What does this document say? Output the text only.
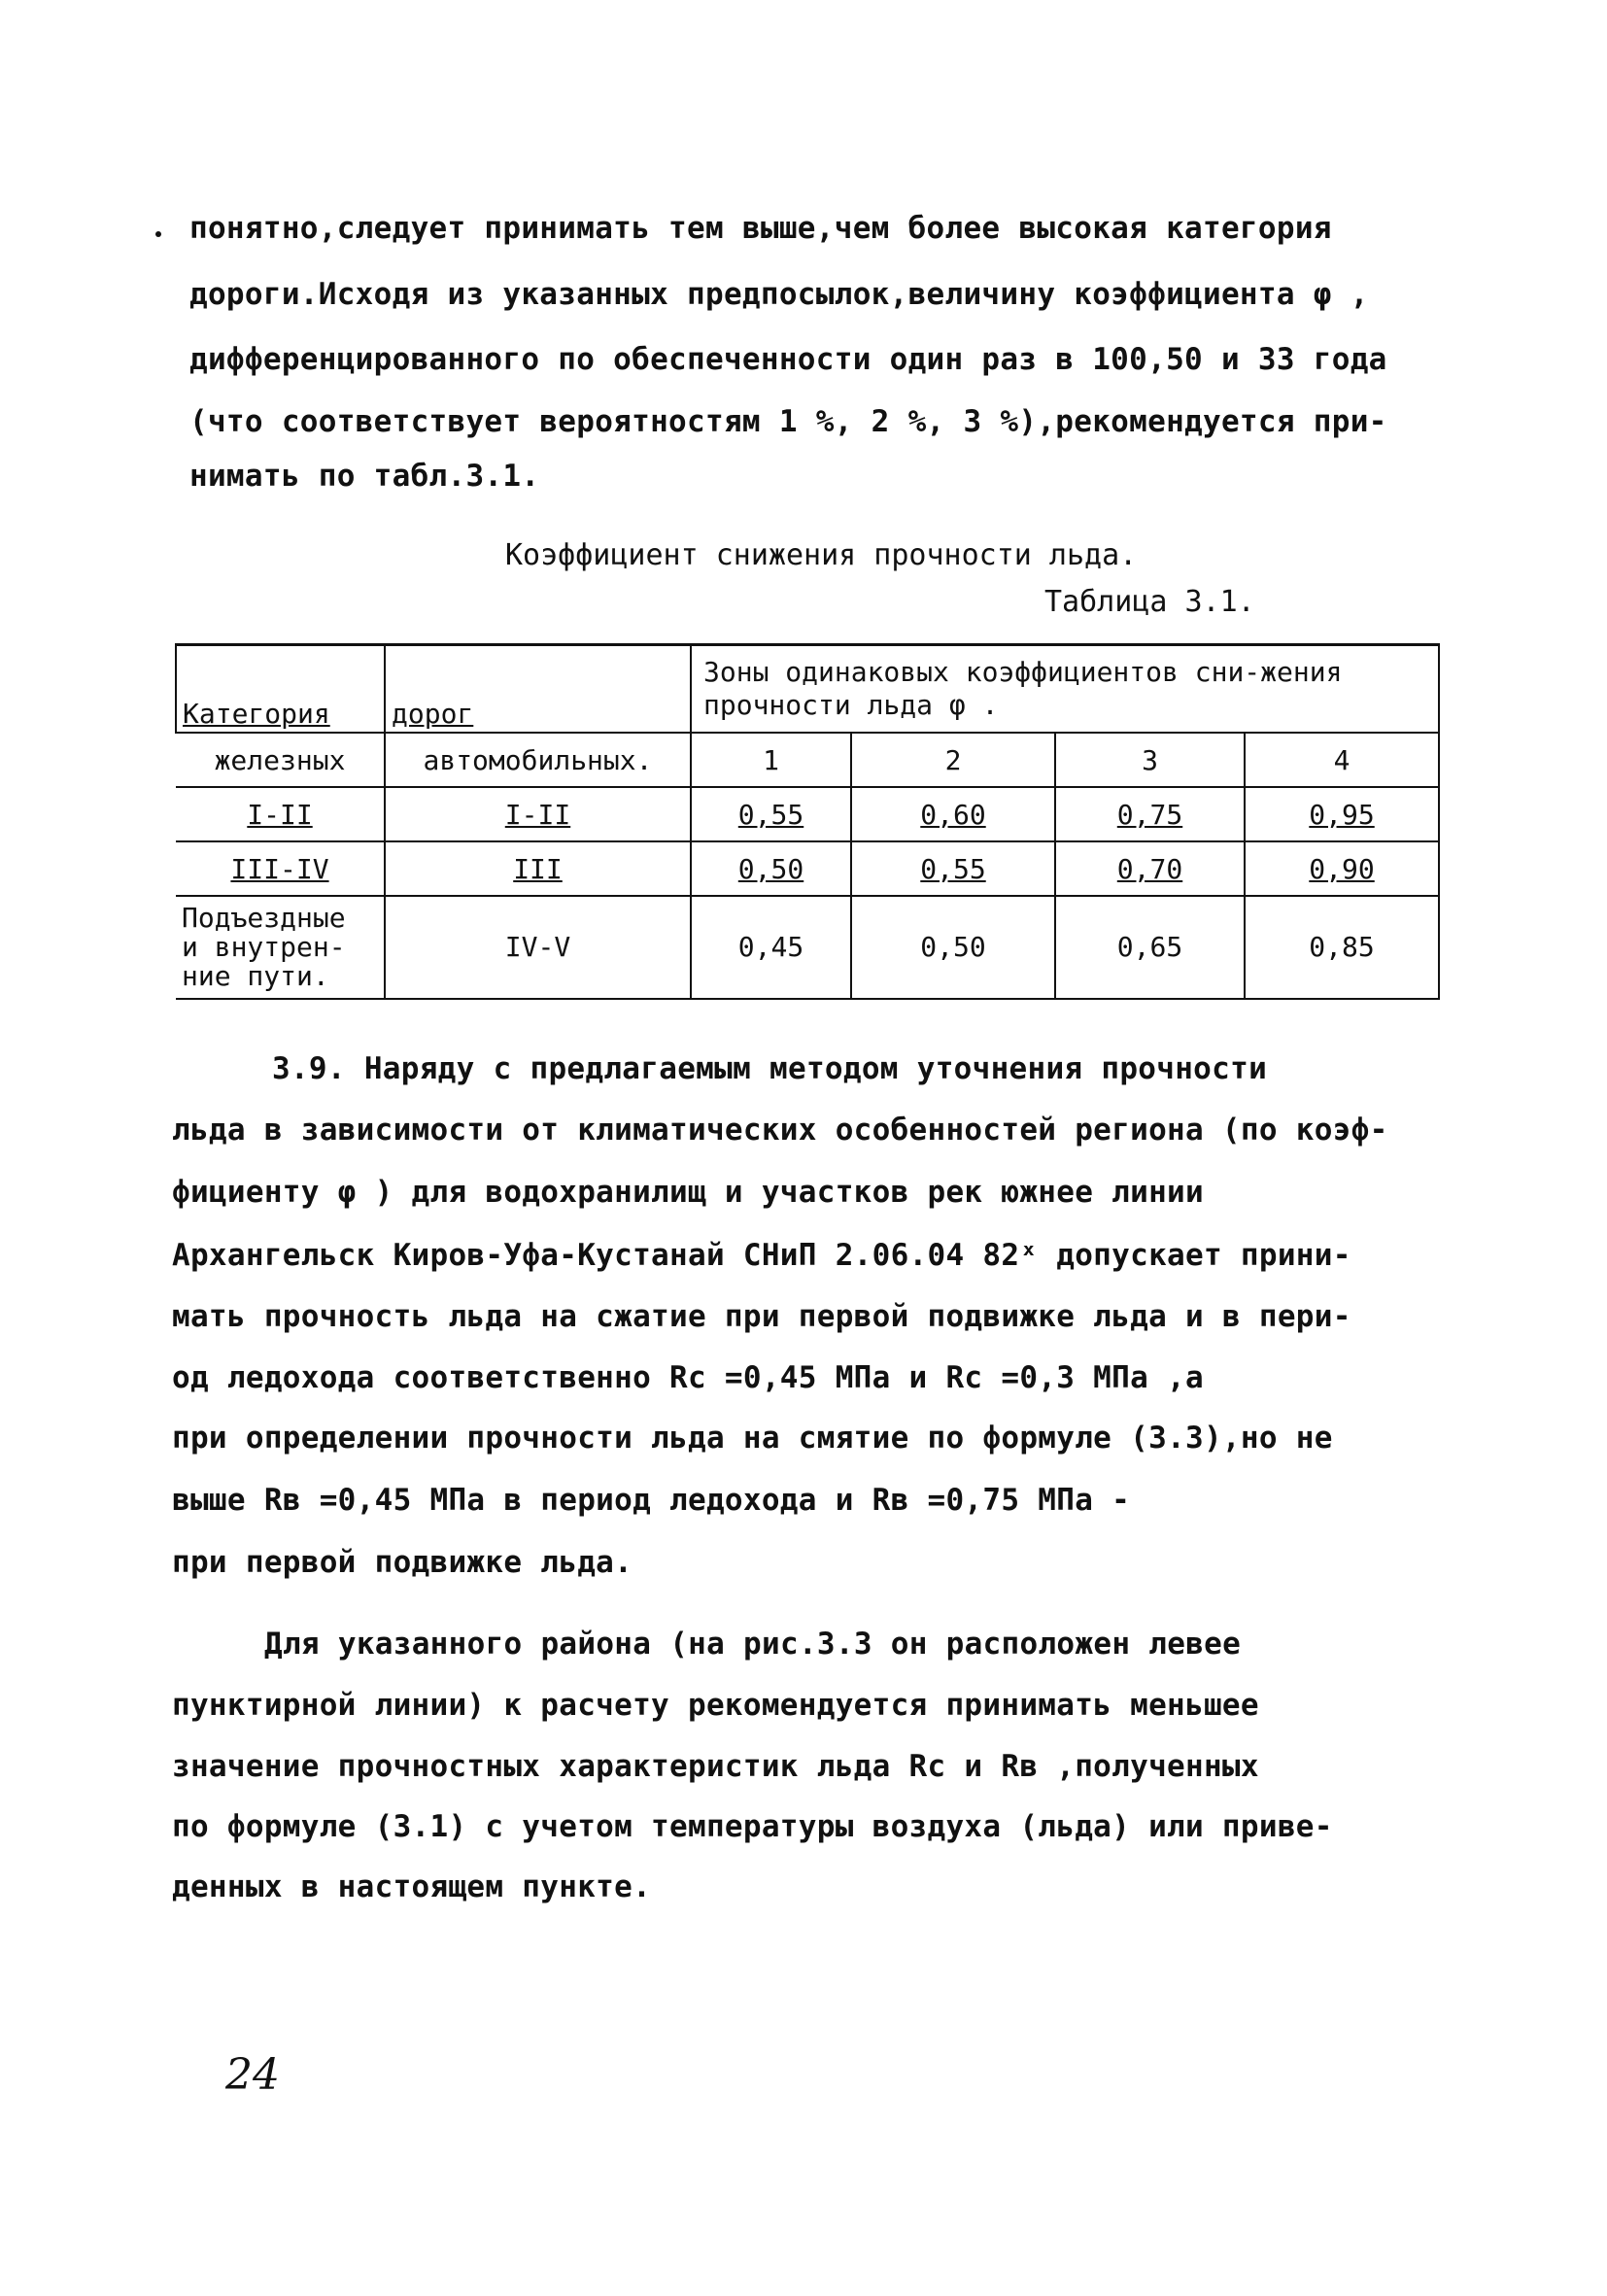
понятно,следует принимать тем выше,чем более высокая категория

дороги.Исходя из указанных предпосылок,величину коэффициента φ ,

дифференцированного по обеспеченности один раз в 100,50 и 33 года

(что соответствует вероятностям 1 %, 2 %, 3 %),рекомендуется при-

нимать по табл.3.1.

Коэффициент снижения прочности льда.
Таблица 3.1.
Категория	дорог	Зоны одинаковых коэффициентов сни-жения прочности льда φ .			
железных	автомобильных.	1	2	3	4
I-II	I-II	0,55	0,60	0,75	0,95
III-IV	III	0,50	0,55	0,70	0,90
Подъездные и внутрен-ние пути.	IV-V	0,45	0,50	0,65	0,85

3.9. Наряду с предлагаемым методом уточнения прочности

льда в зависимости от климатических особенностей региона (по коэф-

фициенту φ ) для водохранилищ и участков рек южнее линии

Архангельск Киров-Уфа-Кустанай СНиП 2.06.04 82ˣ допускает прини-

мать прочность льда на сжатие при первой подвижке льда и в пери-

од ледохода соответственно Rс =0,45 МПа и Rс =0,3 МПа ,а

при определении прочности льда на смятие по формуле (3.3),но не

выше Rв =0,45 МПа в период ледохода и Rв =0,75 МПа -

при первой подвижке льда.

Для указанного района (на рис.3.3 он расположен левее

пунктирной линии) к расчету рекомендуется принимать меньшее

значение прочностных характеристик льда Rс и Rв ,полученных

по формуле (3.1) с учетом температуры воздуха (льда) или приве-

денных в настоящем пункте.

24
